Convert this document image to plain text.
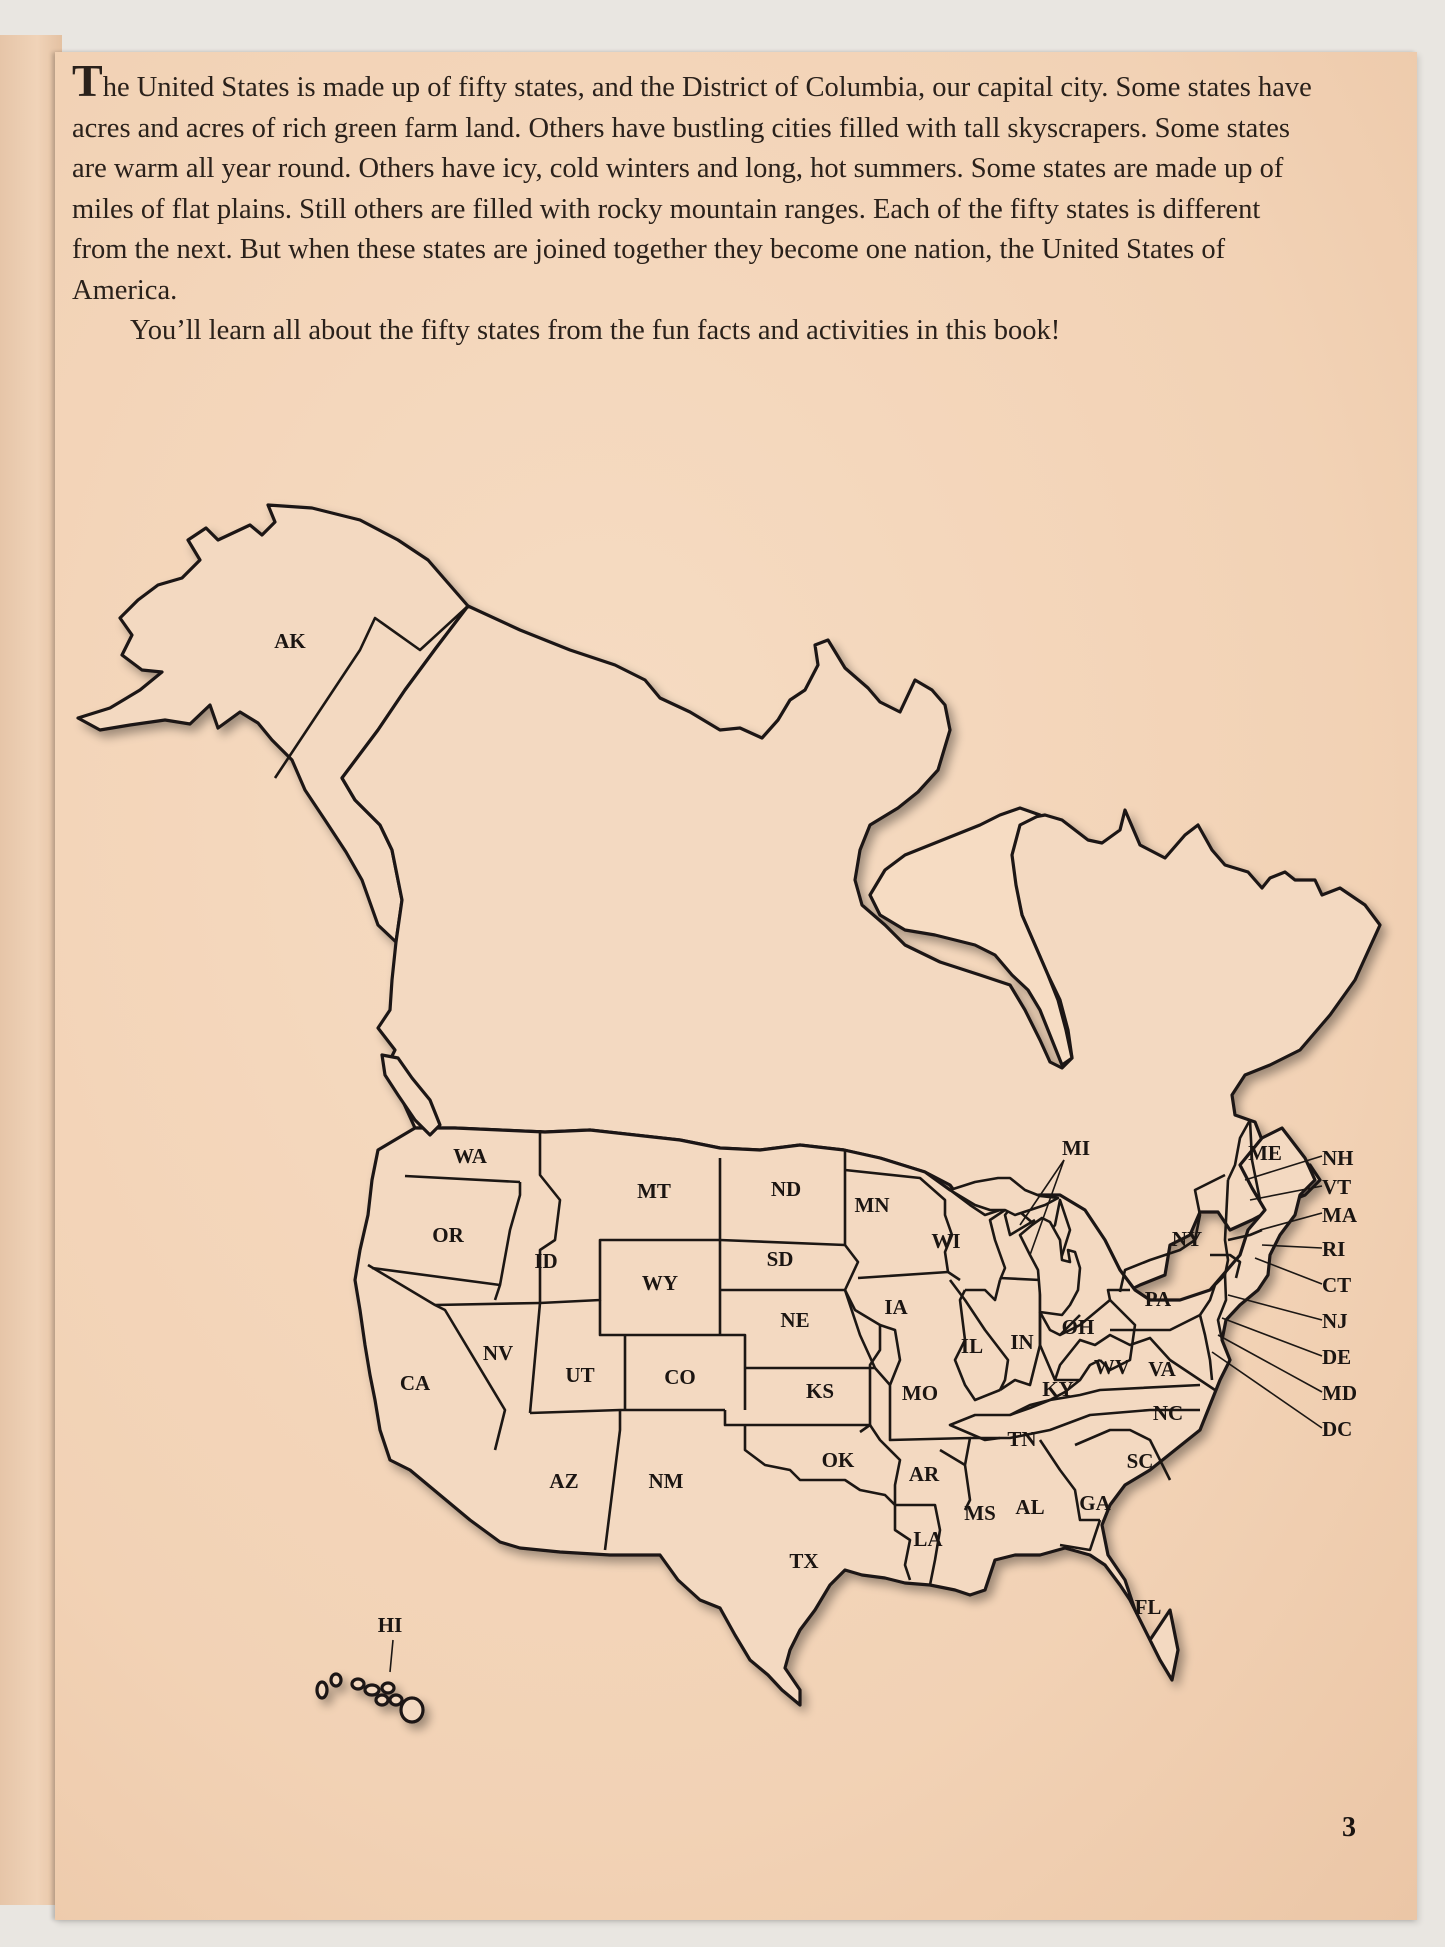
The United States is made up of fifty states, and the District of Columbia, our capital city. Some states have acres and acres of rich green farm land. Others have bustling cities filled with tall skyscrapers. Some states are warm all year round. Others have icy, cold winters and long, hot summers. Some states are made up of miles of flat plains. Still others are filled with rocky mountain ranges. Each of the fifty states is different from the next. But when these states are joined together they become one nation, the United States of America.

You’ll learn all about the fifty states from the fun facts and activities in this book!

AK
HI
WA
OR
CA
NV
ID
MT
WY
UT	CO
AZ	NM
ND
SD
NE
KS
OK
TX
MN
IA
MO
AR
LA
WI
MI
IL IN
OH
KY
TN
MS AL GA
FL
SC
NC
VA
WV
PA
NY
ME NH
VT
MA
RI
CT
NJ
DE
MD
DC
3
